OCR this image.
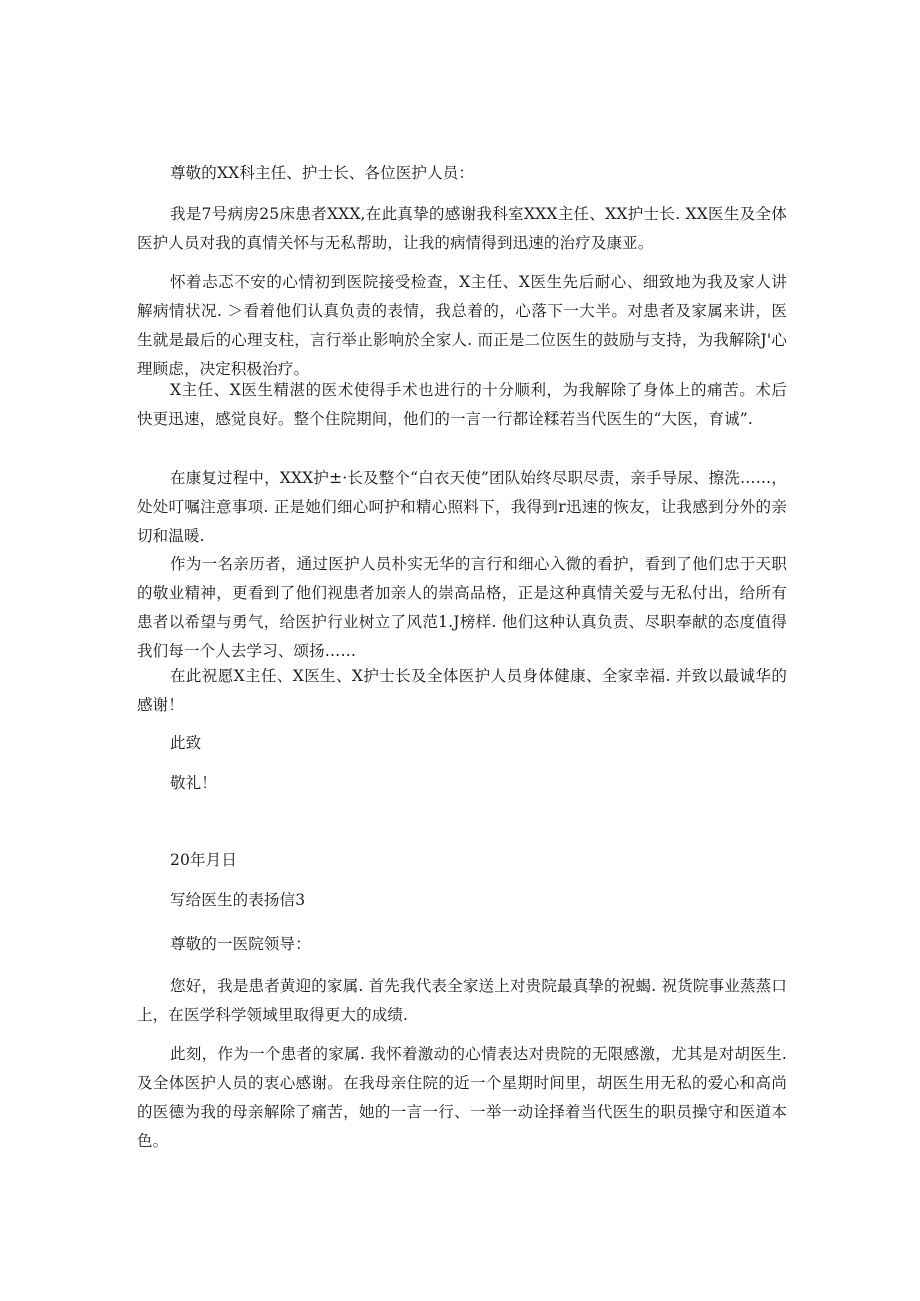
尊敬的XX科主任、护士长、各位医护人员：

我是7号病房25床患者XXX,在此真挚的感谢我科室XXX主任、XX护士长. XX医生及全体医护人员对我的真情关怀与无私帮助，让我的病情得到迅速的治疗及康亚。

怀着忐忑不安的心情初到医院接受检查，X主任、X医生先后耐心、细致地为我及家人讲解病情状况. ＞看着他们认真负责的表情，我总着的，心落下一大半。对患者及家属来讲，医生就是最后的心理支柱，言行举止影响於全家人. 而正是二位医生的鼓励与支持，为我解除J'心理顾虑，决定积极治疗。

X主任、X医生精湛的医术使得手术也进行的十分顺利，为我解除了身体上的痛苦。术后快更迅速，感觉良好。整个住院期间，他们的一言一行都诠糅若当代医生的“大医，育诚”.

在康复过程中，XXX护±·长及整个“白衣天使”团队始终尽职尽责，亲手导尿、擦洗……，处处叮嘱注意事项. 正是她们细心呵护和精心照料下，我得到r迅速的恢友，让我感到分外的亲切和温暖.

作为一名亲历者，通过医护人员朴实无华的言行和细心入微的看护，看到了他们忠于天职的敬业精神，更看到了他们视患者加亲人的崇高品格，正是这种真情关爱与无私付出，给所有患者以希望与勇气，给医护行业树立了风范1.J榜样. 他们这种认真负责、尽职奉献的态度值得我们每一个人去学习、颂扬……

在此祝愿X主任、X医生、X护士长及全体医护人员身体健康、全家幸福. 并致以最诚华的感谢！

此致

敬礼！

20年月日

写给医生的表扬信3

尊敬的一医院领导：

您好，我是患者黄迎的家属. 首先我代表全家送上对贵院最真挚的祝蝎. 祝货院事业蒸蒸口上，在医学科学领域里取得更大的成绩.

此刻，作为一个患者的家属. 我怀着激动的心情表达对贵院的无限感激，尤其是对胡医生. 及全体医护人员的衷心感谢。在我母亲住院的近一个星期时间里，胡医生用无私的爱心和高尚的医德为我的母亲解除了痛苦，她的一言一行、一举一动诠择着当代医生的职员操守和医道本色。
